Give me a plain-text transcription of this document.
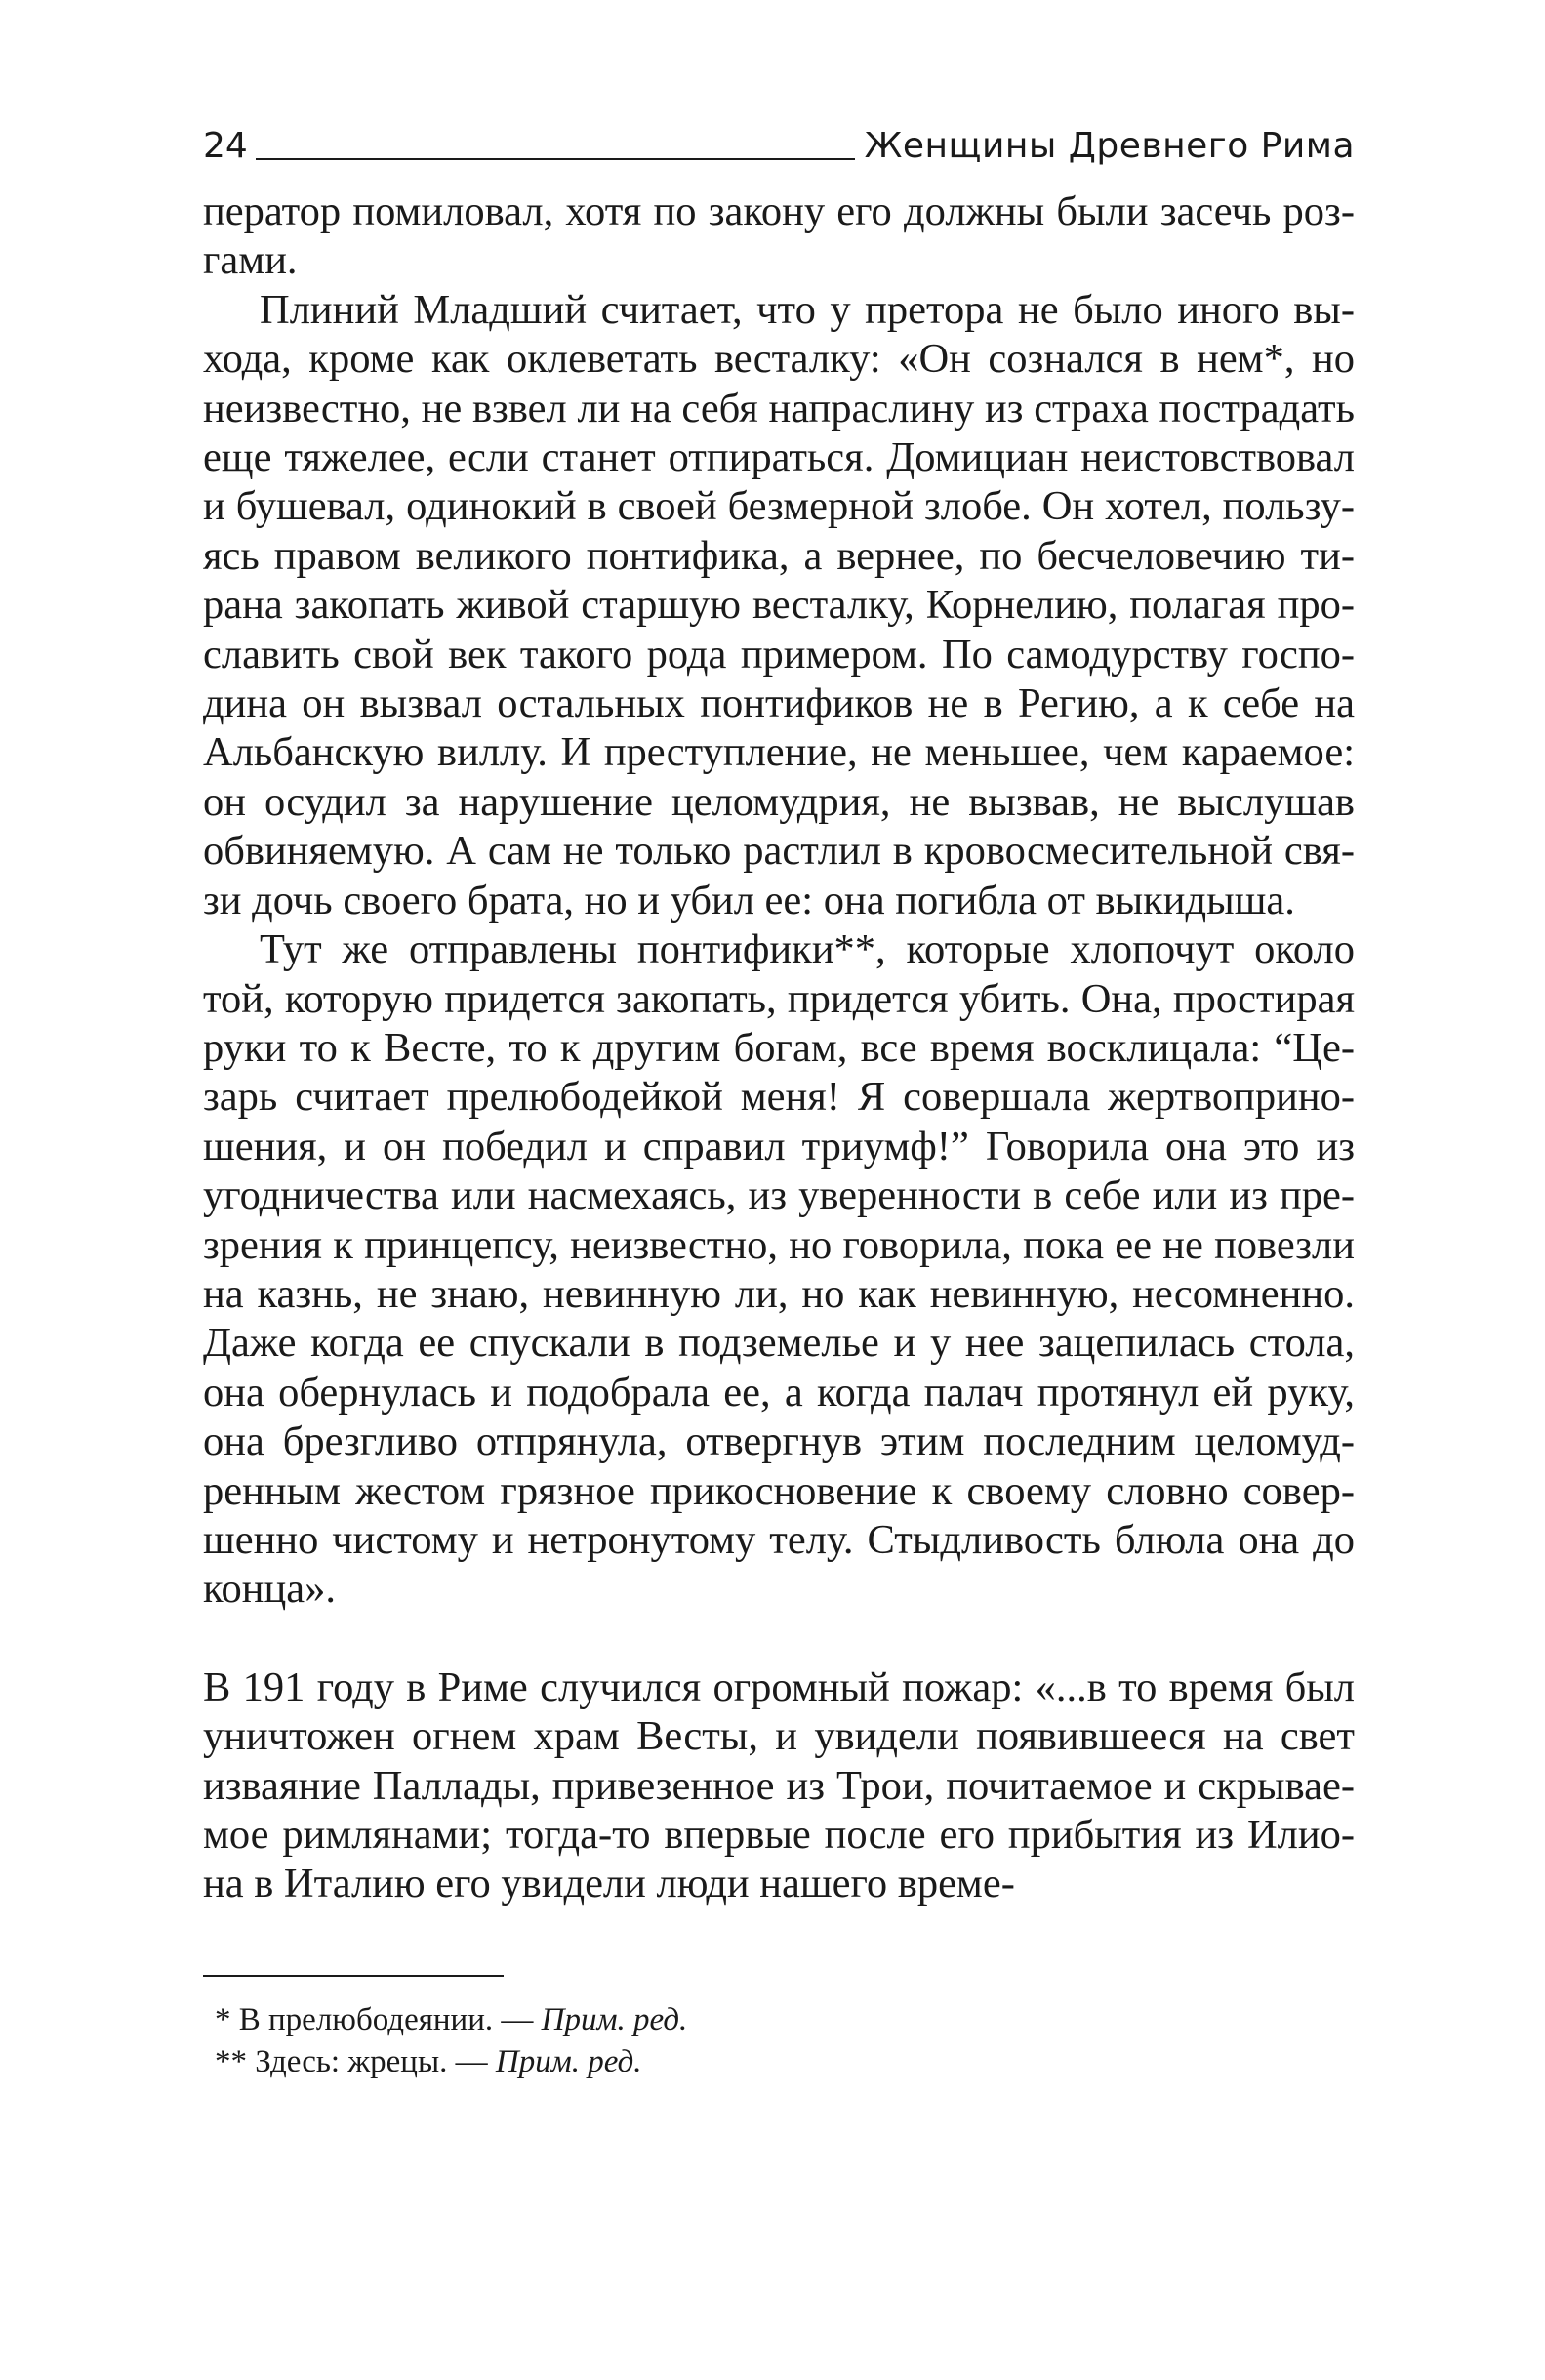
24	Женщины Древнего Рима

ператор помиловал, хотя по закону его должны были засечь розгами.

Плиний Младший считает, что у претора не было иного выхода, кроме как оклеветать весталку: «Он сознался в нем*, но неизвестно, не взвел ли на себя напраслину из страха пострадать еще тяжелее, если станет отпираться. Домициан неистовствовал и бушевал, одинокий в своей безмерной злобе. Он хотел, пользуясь правом великого понтифика, а вернее, по бесчеловечию тирана закопать живой старшую весталку, Корнелию, полагая прославить свой век такого рода примером. По самодурству господина он вызвал остальных понтификов не в Регию, а к себе на Альбанскую виллу. И преступление, не меньшее, чем караемое: он осудил за нарушение целомудрия, не вызвав, не выслушав обвиняемую. А сам не только растлил в кровосмесительной связи дочь своего брата, но и убил ее: она погибла от выкидыша.

Тут же отправлены понтифики**, которые хлопочут около той, которую придется закопать, придется убить. Она, простирая руки то к Весте, то к другим богам, все время восклицала: “Цезарь считает прелюбодейкой меня! Я совершала жертвоприношения, и он победил и справил триумф!” Говорила она это из угодничества или насмехаясь, из уверенности в себе или из презрения к принцепсу, неизвестно, но говорила, пока ее не повезли на казнь, не знаю, невинную ли, но как невинную, несомненно. Даже когда ее спускали в подземелье и у нее зацепилась стола, она обернулась и подобрала ее, а когда палач протянул ей руку, она брезгливо отпрянула, отвергнув этим последним целомудренным жестом грязное прикосновение к своему словно совершенно чистому и нетронутому телу. Стыдливость блюла она до конца».

В 191 году в Риме случился огромный пожар: «...в то время был уничтожен огнем храм Весты, и увидели появившееся на свет изваяние Паллады, привезенное из Трои, почитаемое и скрываемое римлянами; тогда-то впервые после его прибытия из Илиона в Италию его увидели люди нашего време-

* В прелюбодеянии. — Прим. ред.

** Здесь: жрецы. — Прим. ред.
